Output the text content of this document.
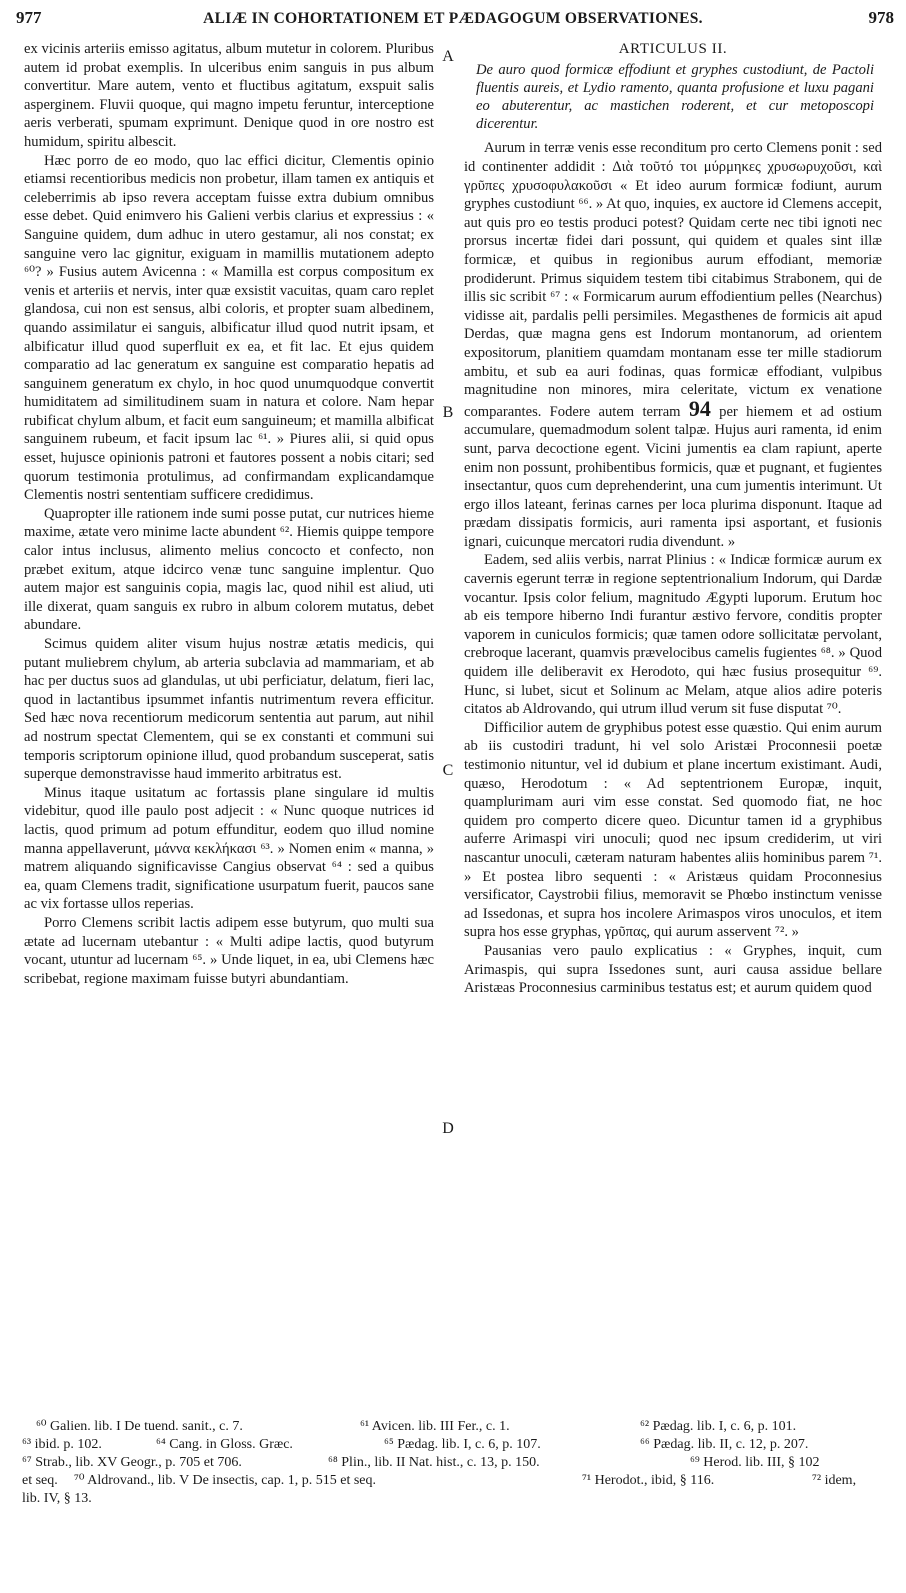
977	ALIÆ IN COHORTATIONEM ET PÆDAGOGUM OBSERVATIONES.	978

ex vicinis arteriis emisso agitatus, album mutetur in colorem. Pluribus autem id probat exemplis. In ulceribus enim sanguis in pus album convertitur. Mare autem, vento et fluctibus agitatum, exspuit salis asperginem. Fluvii quoque, qui magno impetu feruntur, interceptione aeris verberati, spumam exprimunt. Denique quod in ore nostro est humidum, spiritu albescit.

Hæc porro de eo modo, quo lac effici dicitur, Clementis opinio etiamsi recentioribus medicis non probetur, illam tamen ex antiquis et celeberrimis ab ipso revera acceptam fuisse extra dubium omnibus esse debet. Quid enimvero his Galieni verbis clarius et expressius : « Sanguine quidem, dum adhuc in utero gestamur, ali nos constat; ex sanguine vero lac gignitur, exiguam in mamillis mutationem adepto ⁶⁰? » Fusius autem Avicenna : « Mamilla est corpus compositum ex venis et arteriis et nervis, inter quæ exsistit vacuitas, quam caro replet glandosa, cui non est sensus, albi coloris, et propter suam albedinem, quando assimilatur ei sanguis, albificatur illud quod nutrit ipsam, et albificatur illud quod superfluit ex ea, et fit lac. Et ejus quidem comparatio ad lac generatum ex sanguine est comparatio hepatis ad sanguinem generatum ex chylo, in hoc quod unumquodque convertit humiditatem ad similitudinem suam in natura et colore. Nam hepar rubificat chylum album, et facit eum sanguineum; et mamilla albificat sanguinem rubeum, et facit ipsum lac ⁶¹. » Piures alii, si quid opus esset, hujusce opinionis patroni et fautores possent a nobis citari; sed quorum testimonia protulimus, ad confirmandam explicandamque Clementis nostri sententiam sufficere credidimus.

Quapropter ille rationem inde sumi posse putat, cur nutrices hieme maxime, ætate vero minime lacte abundent ⁶². Hiemis quippe tempore calor intus inclusus, alimento melius concocto et confecto, non præbet exitum, atque idcirco venæ tunc sanguine implentur. Quo autem major est sanguinis copia, magis lac, quod nihil est aliud, uti ille dixerat, quam sanguis ex rubro in album colorem mutatus, debet abundare.

Scimus quidem aliter visum hujus nostræ ætatis medicis, qui putant muliebrem chylum, ab arteria subclavia ad mammariam, et ab hac per ductus suos ad glandulas, ut ubi perficiatur, delatum, fieri lac, quod in lactantibus ipsummet infantis nutrimentum revera efficitur. Sed hæc nova recentiorum medicorum sententia aut parum, aut nihil ad nostrum spectat Clementem, qui se ex constanti et communi sui temporis scriptorum opinione illud, quod probandum susceperat, satis superque demonstravisse haud immerito arbitratus est.

Minus itaque usitatum ac fortassis plane singulare id multis videbitur, quod ille paulo post adjecit : « Nunc quoque nutrices id lactis, quod primum ad potum effunditur, eodem quo illud nomine manna appellaverunt, μάννα κεκλήκασι ⁶³. » Nomen enim « manna, » matrem aliquando significavisse Cangius observat ⁶⁴ : sed a quibus ea, quam Clemens tradit, significatione usurpatum fuerit, paucos sane ac vix fortasse ullos reperias.

Porro Clemens scribit lactis adipem esse butyrum, quo multi sua ætate ad lucernam utebantur : « Multi adipe lactis, quod butyrum vocant, utuntur ad lucernam ⁶⁵. » Unde liquet, in ea, ubi Clemens hæc scribebat, regione maximam fuisse butyri abundantiam.

A
B
C
D
ARTICULUS II.
De auro quod formicæ effodiunt et gryphes custodiunt, de Pactoli fluentis aureis, et Lydio ramento, quanta profusione et luxu pagani eo abuterentur, ac mastichen roderent, et cur metoposcopi dicerentur.

Aurum in terræ venis esse reconditum pro certo Clemens ponit : sed id continenter addidit : Διὰ τοῦτό τοι μύρμηκες χρυσωρυχοῦσι, καὶ γρῦπες χρυσοφυλακοῦσι « Et ideo aurum formicæ fodiunt, aurum gryphes custodiunt ⁶⁶. » At quo, inquies, ex auctore id Clemens accepit, aut quis pro eo testis produci potest? Quidam certe nec tibi ignoti nec prorsus incertæ fidei dari possunt, qui quidem et quales sint illæ formicæ, et quibus in regionibus aurum effodiant, memoriæ prodiderunt. Primus siquidem testem tibi citabimus Strabonem, qui de illis sic scribit ⁶⁷ : « Formicarum aurum effodientium pelles (Nearchus) vidisse ait, pardalis pelli persimiles. Megasthenes de formicis ait apud Derdas, quæ magna gens est Indorum montanorum, ad orientem expositorum, planitiem quamdam montanam esse ter mille stadiorum ambitu, et sub ea auri fodinas, quas formicæ effodiant, vulpibus magnitudine non minores, mira celeritate, victum ex venatione comparantes. Fodere autem terram 94 per hiemem et ad ostium accumulare, quemadmodum solent talpæ. Hujus auri ramenta, id enim sunt, parva decoctione egent. Vicini jumentis ea clam rapiunt, aperte enim non possunt, prohibentibus formicis, quæ et pugnant, et fugientes insectantur, quos cum deprehenderint, una cum jumentis interimunt. Ut ergo illos lateant, ferinas carnes per loca plurima disponunt. Itaque ad prædam dissipatis formicis, auri ramenta ipsi asportant, et fusionis ignari, cuicunque mercatori rudia divendunt. »

Eadem, sed aliis verbis, narrat Plinius : « Indicæ formicæ aurum ex cavernis egerunt terræ in regione septentrionalium Indorum, qui Dardæ vocantur. Ipsis color felium, magnitudo Ægypti luporum. Erutum hoc ab eis tempore hiberno Indi furantur æstivo fervore, conditis propter vaporem in cuniculos formicis; quæ tamen odore sollicitatæ pervolant, crebroque lacerant, quamvis prævelocibus camelis fugientes ⁶⁸. » Quod quidem ille deliberavit ex Herodoto, qui hæc fusius prosequitur ⁶⁹. Hunc, si lubet, sicut et Solinum ac Melam, atque alios adire poteris citatos ab Aldrovando, qui utrum illud verum sit fuse disputat ⁷⁰.

Difficilior autem de gryphibus potest esse quæstio. Qui enim aurum ab iis custodiri tradunt, hi vel solo Aristæi Proconnesii poetæ testimonio nituntur, vel id dubium et plane incertum existimant. Audi, quæso, Herodotum : « Ad septentrionem Europæ, inquit, quamplurimam auri vim esse constat. Sed quomodo fiat, ne hoc quidem pro comperto dicere queo. Dicuntur tamen id a gryphibus auferre Arimaspi viri unoculi; quod nec ipsum crediderim, ut viri nascantur unoculi, cæteram naturam habentes aliis hominibus parem ⁷¹. » Et postea libro sequenti : « Aristæus quidam Proconnesius versificator, Caystrobii filius, memoravit se Phœbo instinctum venisse ad Issedonas, et supra hos incolere Arimaspos viros unoculos, et item supra hos esse gryphas, γρῦπας, qui aurum asservent ⁷². »

Pausanias vero paulo explicatius : « Gryphes, inquit, cum Arimaspis, qui supra Issedones sunt, auri causa assidue bellare Aristæas Proconnesius carminibus testatus est; et aurum quidem quod

⁶⁰ Galien. lib. I De tuend. sanit., c. 7.	⁶¹ Avicen. lib. III Fer., c. 1.	⁶² Pædag. lib. I, c. 6, p. 101.
⁶³ ibid. p. 102.	⁶⁴ Cang. in Gloss. Græc.	⁶⁵ Pædag. lib. I, c. 6, p. 107.	⁶⁶ Pædag. lib. II, c. 12, p. 207.
⁶⁷ Strab., lib. XV Geogr., p. 705 et 706.	⁶⁸ Plin., lib. II Nat. hist., c. 13, p. 150.	⁶⁹ Herod. lib. III, § 102
et seq. ⁷⁰ Aldrovand., lib. V De insectis, cap. 1, p. 515 et seq.	⁷¹ Herodot., ibid, § 116.	⁷² idem,
lib. IV, § 13.
